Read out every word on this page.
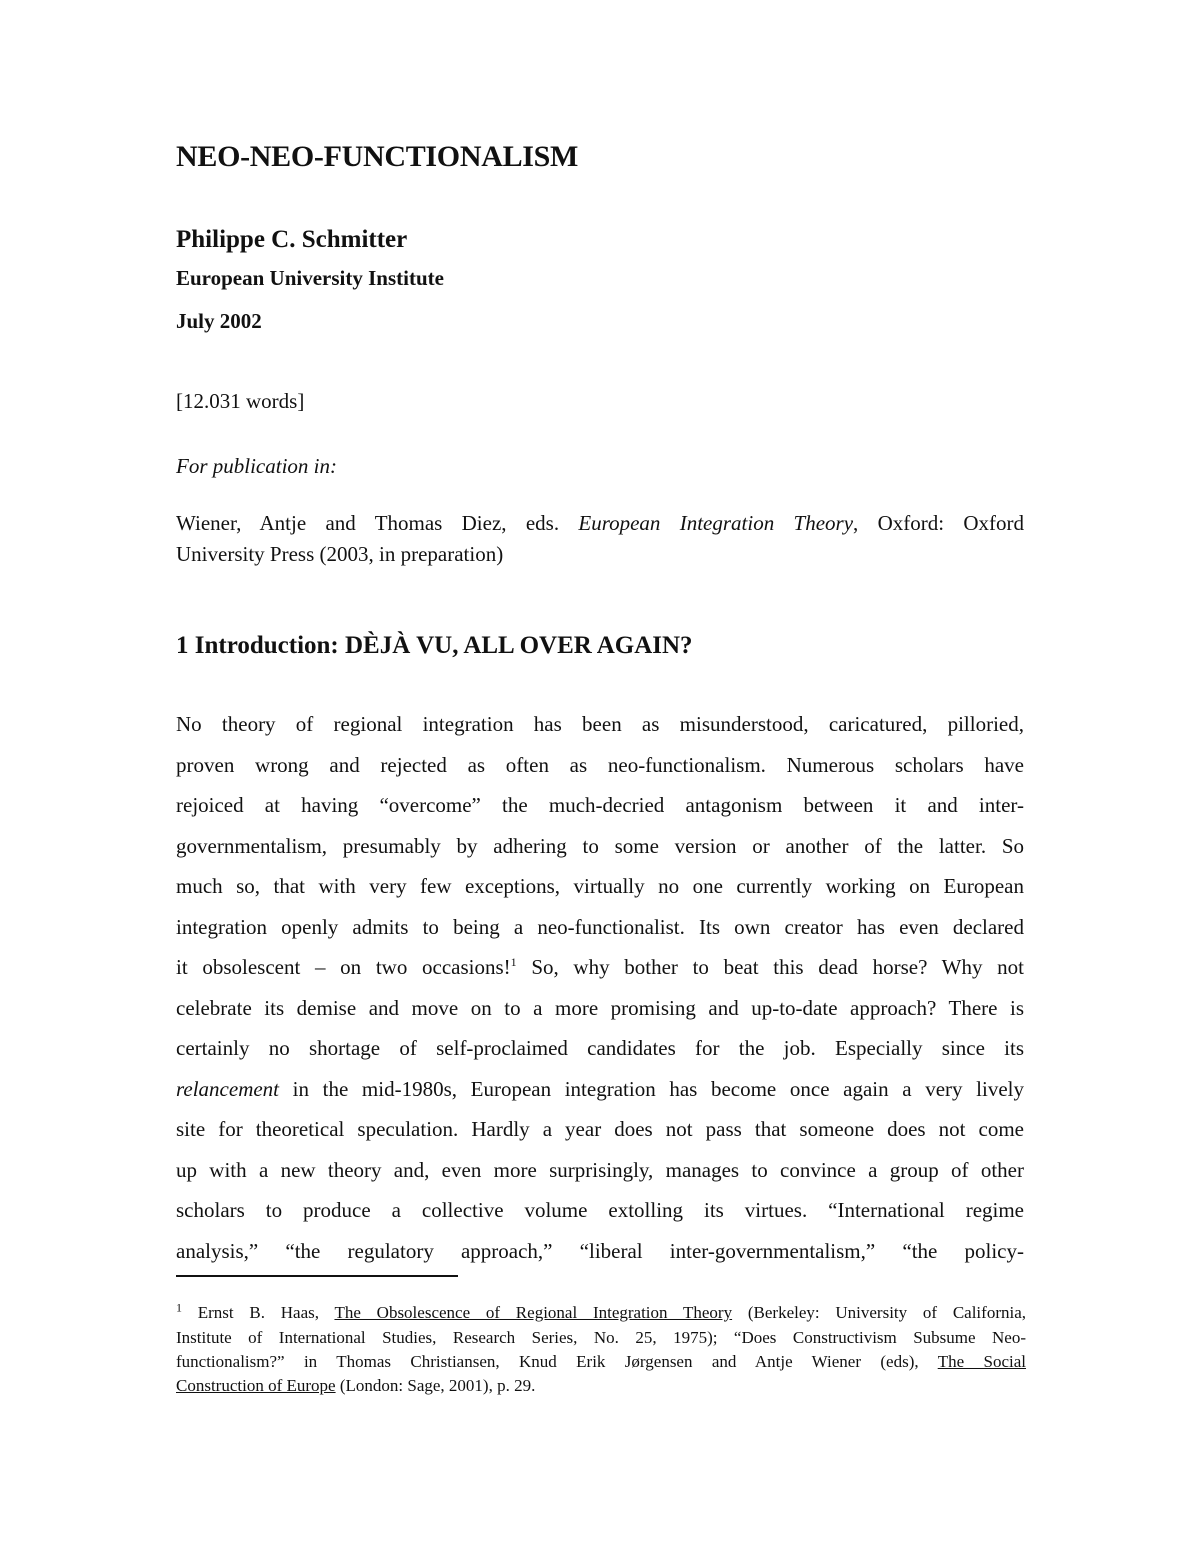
NEO-NEO-FUNCTIONALISM
Philippe C. Schmitter
European University Institute
July 2002
[12.031 words]
For publication in:
Wiener, Antje and Thomas Diez, eds. European Integration Theory, Oxford: Oxford
University Press (2003, in preparation)
1 Introduction: DÈJÀ VU, ALL OVER AGAIN?
No theory of regional integration has been as misunderstood, caricatured, pilloried,
proven wrong and rejected as often as neo-functionalism. Numerous scholars have
rejoiced at having “overcome” the much-decried antagonism between it and inter-
governmentalism, presumably by adhering to some version or another of the latter. So
much so, that with very few exceptions, virtually no one currently working on European
integration openly admits to being a neo-functionalist. Its own creator has even declared
it obsolescent – on two occasions!$^1$ So, why bother to beat this dead horse? Why not
celebrate its demise and move on to a more promising and up-to-date approach? There is
certainly no shortage of self-proclaimed candidates for the job. Especially since its
relancement in the mid-1980s, European integration has become once again a very lively
site for theoretical speculation. Hardly a year does not pass that someone does not come
up with a new theory and, even more surprisingly, manages to convince a group of other
scholars to produce a collective volume extolling its virtues. “International regime
analysis,” “the regulatory approach,” “liberal inter-governmentalism,” “the policy-
$^1$ Ernst B. Haas, The Obsolescence of Regional Integration Theory (Berkeley: University of California,
Institute of International Studies, Research Series, No. 25, 1975); “Does Constructivism Subsume Neo-
functionalism?” in Thomas Christiansen, Knud Erik Jørgensen and Antje Wiener (eds), The Social
Construction of Europe (London: Sage, 2001), p. 29.
